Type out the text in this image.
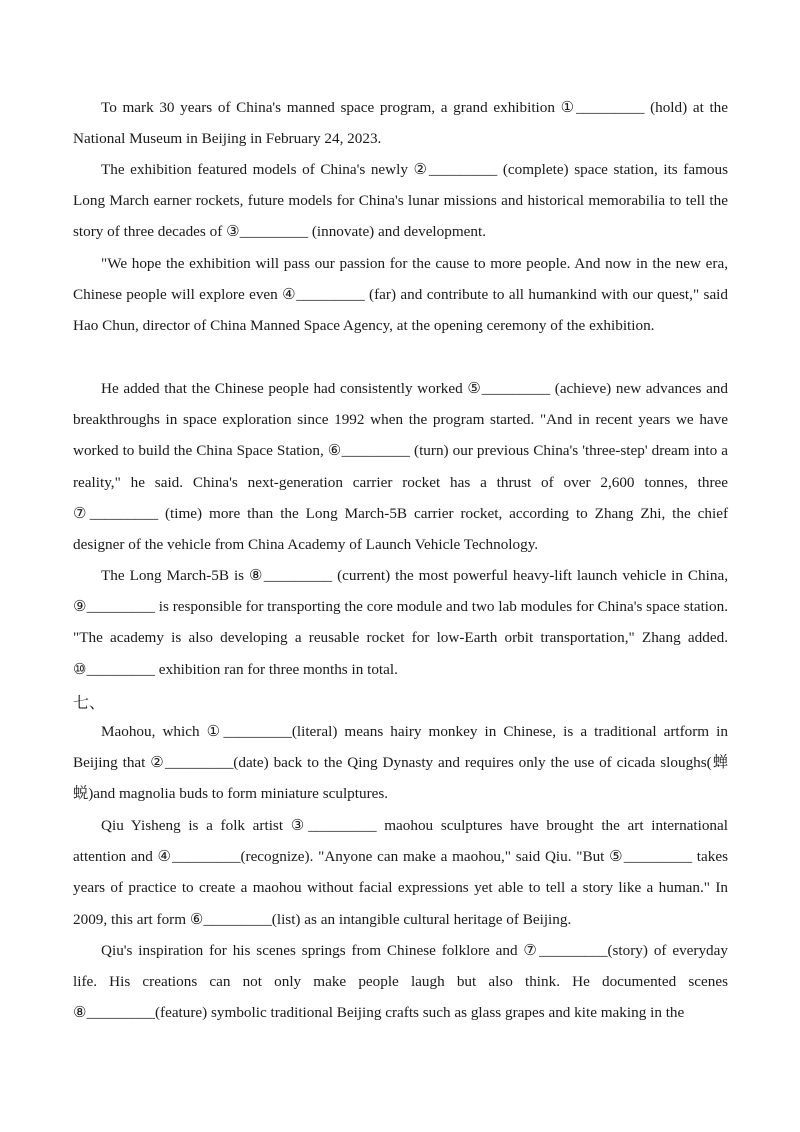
To mark 30 years of China's manned space program, a grand exhibition ①_________ (hold) at the National Museum in Beijing in February 24, 2023.

The exhibition featured models of China's newly ②_________ (complete) space station, its famous Long March earner rockets, future models for China's lunar missions and historical memorabilia to tell the story of three decades of ③_________ (innovate) and development.

"We hope the exhibition will pass our passion for the cause to more people. And now in the new era, Chinese people will explore even ④_________ (far) and contribute to all humankind with our quest," said Hao Chun, director of China Manned Space Agency, at the opening ceremony of the exhibition.

He added that the Chinese people had consistently worked ⑤_________ (achieve) new advances and breakthroughs in space exploration since 1992 when the program started. "And in recent years we have worked to build the China Space Station, ⑥_________ (turn) our previous China's 'three-step' dream into a reality," he said. China's next-generation carrier rocket has a thrust of over 2,600 tonnes, three ⑦_________ (time) more than the Long March-5B carrier rocket, according to Zhang Zhi, the chief designer of the vehicle from China Academy of Launch Vehicle Technology.

The Long March-5B is ⑧_________ (current) the most powerful heavy-lift launch vehicle in China, ⑨_________ is responsible for transporting the core module and two lab modules for China's space station. "The academy is also developing a reusable rocket for low-Earth orbit transportation," Zhang added. ⑩_________ exhibition ran for three months in total.

七、

Maohou, which ①_________(literal) means hairy monkey in Chinese, is a traditional artform in Beijing that ②_________(date) back to the Qing Dynasty and requires only the use of cicada sloughs(蝉蜕)and magnolia buds to form miniature sculptures.

Qiu Yisheng is a folk artist ③_________ maohou sculptures have brought the art international attention and ④_________(recognize). "Anyone can make a maohou," said Qiu. "But ⑤_________ takes years of practice to create a maohou without facial expressions yet able to tell a story like a human." In 2009, this art form ⑥_________(list) as an intangible cultural heritage of Beijing.

Qiu's inspiration for his scenes springs from Chinese folklore and ⑦_________(story) of everyday life. His creations can not only make people laugh but also think. He documented scenes ⑧_________(feature) symbolic traditional Beijing crafts such as glass grapes and kite making in the
